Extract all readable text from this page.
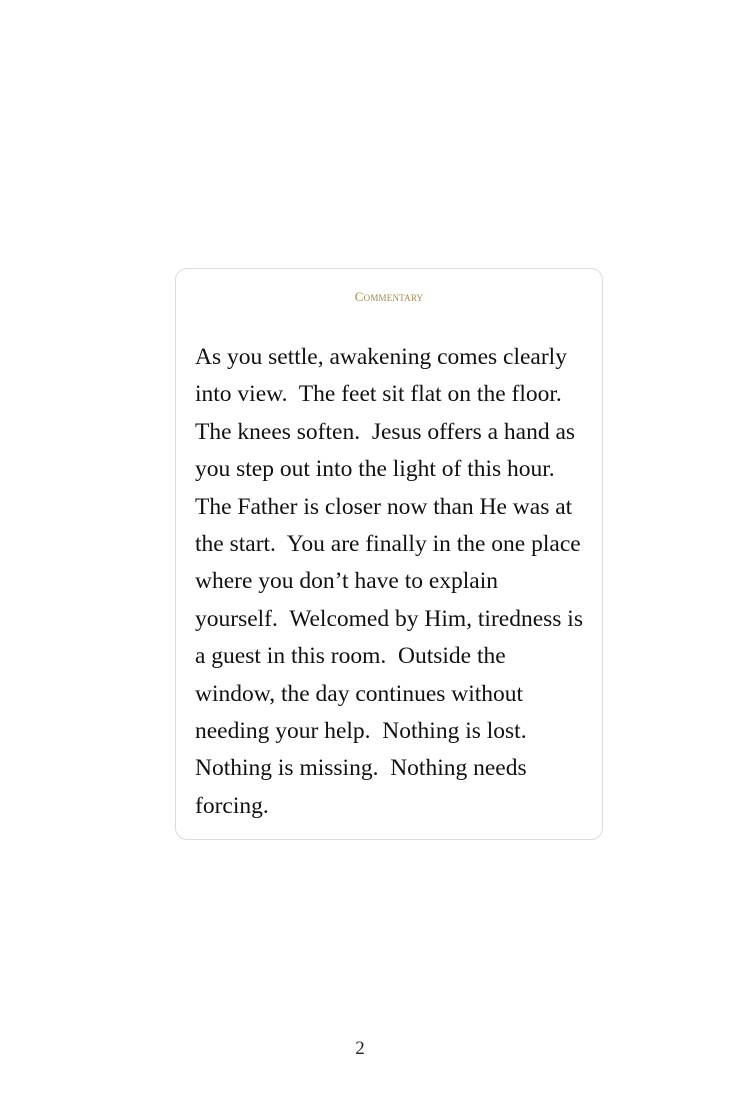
Commentary

As you settle, awakening comes clearly into view.  The feet sit flat on the floor.  The knees soften.  Jesus offers a hand as you step out into the light of this hour.  The Father is closer now than He was at the start.  You are finally in the one place where you don’t have to explain yourself.  Welcomed by Him, tiredness is a guest in this room.  Outside the window, the day continues without needing your help.  Nothing is lost.  Nothing is missing.  Nothing needs forcing.

2
